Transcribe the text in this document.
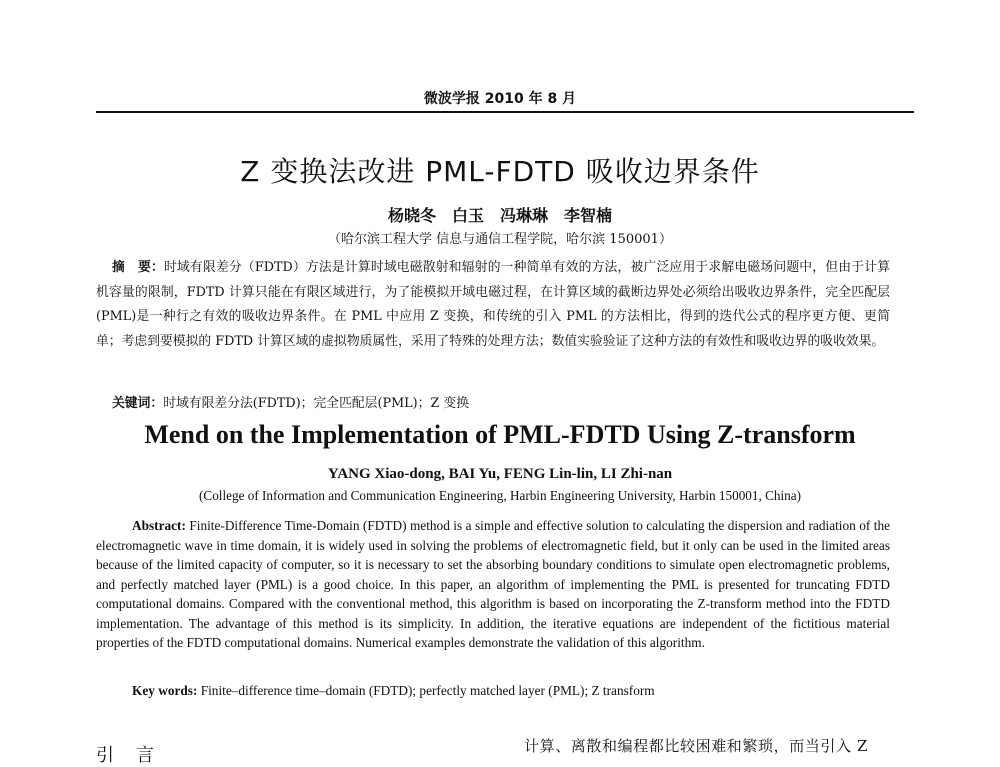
微波学报 2010 年 8 月
Z 变换法改进 PML-FDTD 吸收边界条件
杨晓冬　白玉　冯琳琳　李智楠
（哈尔滨工程大学 信息与通信工程学院，哈尔滨 150001）
摘　要：时域有限差分（FDTD）方法是计算时域电磁散射和辐射的一种简单有效的方法，被广泛应用于求解电磁场问题中，但由于计算机容量的限制，FDTD 计算只能在有限区域进行，为了能模拟开域电磁过程，在计算区域的截断边界处必须给出吸收边界条件，完全匹配层(PML)是一种行之有效的吸收边界条件。在 PML 中应用 Z 变换，和传统的引入 PML 的方法相比，得到的迭代公式的程序更方便、更简单；考虑到要模拟的 FDTD 计算区域的虚拟物质属性，采用了特殊的处理方法；数值实验验证了这种方法的有效性和吸收边界的吸收效果。
关键词：时域有限差分法(FDTD)；完全匹配层(PML)；Z 变换
Mend on the Implementation of PML-FDTD Using Z-transform
YANG Xiao-dong, BAI Yu, FENG Lin-lin, LI Zhi-nan
(College of Information and Communication Engineering, Harbin Engineering University, Harbin 150001, China)
Abstract: Finite-Difference Time-Domain (FDTD) method is a simple and effective solution to calculating the dispersion and radiation of the electromagnetic wave in time domain, it is widely used in solving the problems of electromagnetic field, but it only can be used in the limited areas because of the limited capacity of computer, so it is necessary to set the absorbing boundary conditions to simulate open electromagnetic problems, and perfectly matched layer (PML) is a good choice. In this paper, an algorithm of implementing the PML is presented for truncating FDTD computational domains. Compared with the conventional method, this algorithm is based on incorporating the Z-transform method into the FDTD implementation. The advantage of this method is its simplicity. In addition, the iterative equations are independent of the fictitious material properties of the FDTD computational domains. Numerical examples demonstrate the validation of this algorithm.
Key words: Finite–difference time–domain (FDTD); perfectly matched layer (PML); Z transform
引言	计算、离散和编程都比较困难和繁琐，而当引入 Z
